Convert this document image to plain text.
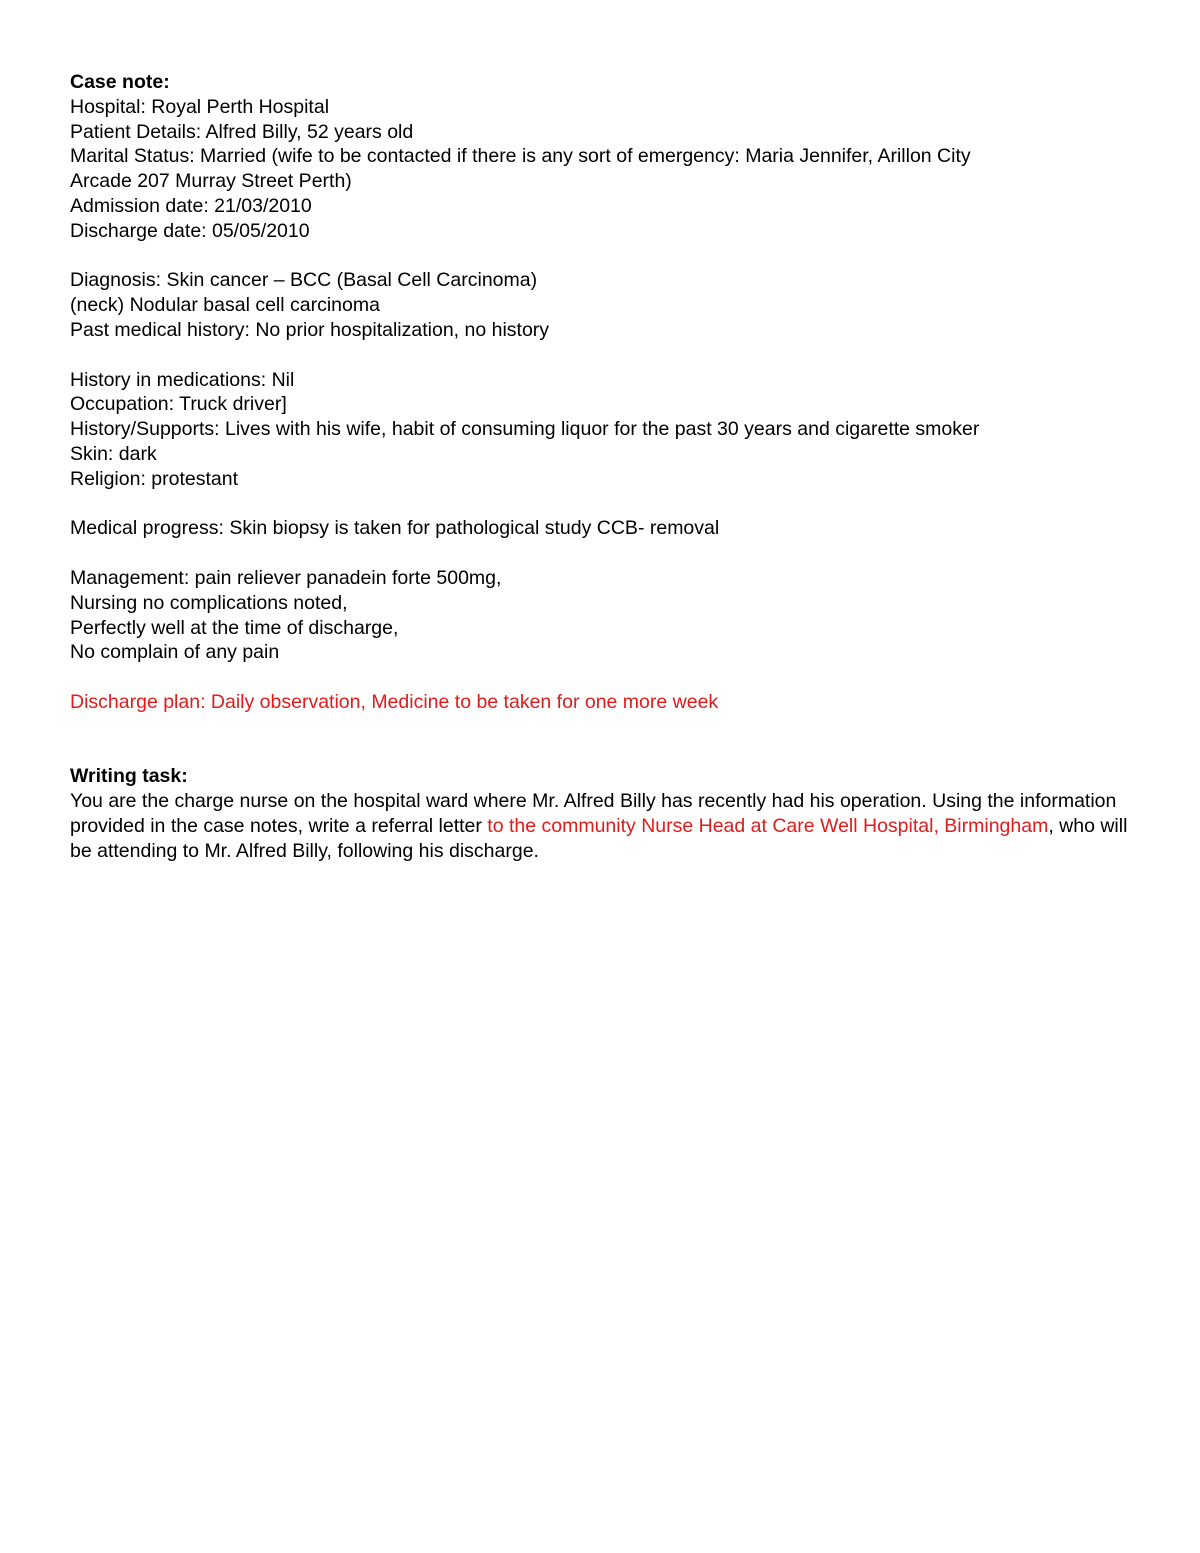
Case note:
Hospital: Royal Perth Hospital
Patient Details: Alfred Billy, 52 years old
Marital Status: Married (wife to be contacted if there is any sort of emergency: Maria Jennifer, Arillon City
Arcade 207 Murray Street Perth)
Admission date: 21/03/2010
Discharge date: 05/05/2010
Diagnosis: Skin cancer – BCC (Basal Cell Carcinoma)
(neck) Nodular basal cell carcinoma
Past medical history: No prior hospitalization, no history
History in medications: Nil
Occupation: Truck driver]
History/Supports: Lives with his wife, habit of consuming liquor for the past 30 years and cigarette smoker
Skin: dark
Religion: protestant
Medical progress: Skin biopsy is taken for pathological study CCB- removal
Management: pain reliever panadein forte 500mg,
Nursing no complications noted,
Perfectly well at the time of discharge,
No complain of any pain
Discharge plan: Daily observation, Medicine to be taken for one more week
Writing task:
You are the charge nurse on the hospital ward where Mr. Alfred Billy has recently had his operation. Using the information provided in the case notes, write a referral letter to the community Nurse Head at Care Well Hospital, Birmingham, who will be attending to Mr. Alfred Billy, following his discharge.
